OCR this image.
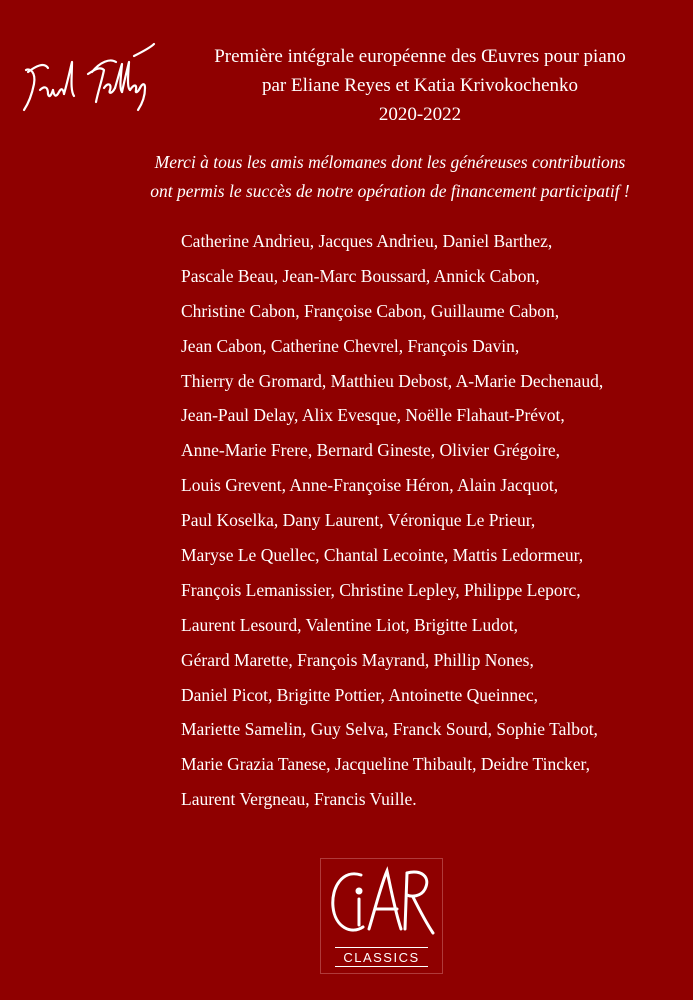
Première intégrale européenne des Œuvres pour piano
par Eliane Reyes et Katia Krivokochenko
2020-2022
Merci à tous les amis mélomanes dont les généreuses contributions
ont permis le succès de notre opération de financement participatif !
Catherine Andrieu, Jacques Andrieu, Daniel Barthez,
Pascale Beau, Jean-Marc Boussard, Annick Cabon,
Christine Cabon, Françoise Cabon, Guillaume Cabon,
Jean Cabon, Catherine Chevrel, François Davin,
Thierry de Gromard, Matthieu Debost, A-Marie Dechenaud,
Jean-Paul Delay, Alix Evesque, Noëlle Flahaut-Prévot,
Anne-Marie Frere, Bernard Gineste, Olivier Grégoire,
Louis Grevent, Anne-Françoise Héron, Alain Jacquot,
Paul Koselka, Dany Laurent, Véronique Le Prieur,
Maryse Le Quellec, Chantal Lecointe, Mattis Ledormeur,
François Lemanissier, Christine Lepley, Philippe Leporc,
Laurent Lesourd, Valentine Liot, Brigitte Ludot,
Gérard Marette, François Mayrand, Phillip Nones,
Daniel Picot, Brigitte Pottier, Antoinette Queinnec,
Mariette Samelin, Guy Selva, Franck Sourd, Sophie Talbot,
Marie Grazia Tanese, Jacqueline Thibault, Deidre Tincker,
Laurent Vergneau, Francis Vuille.
CLASSICS
